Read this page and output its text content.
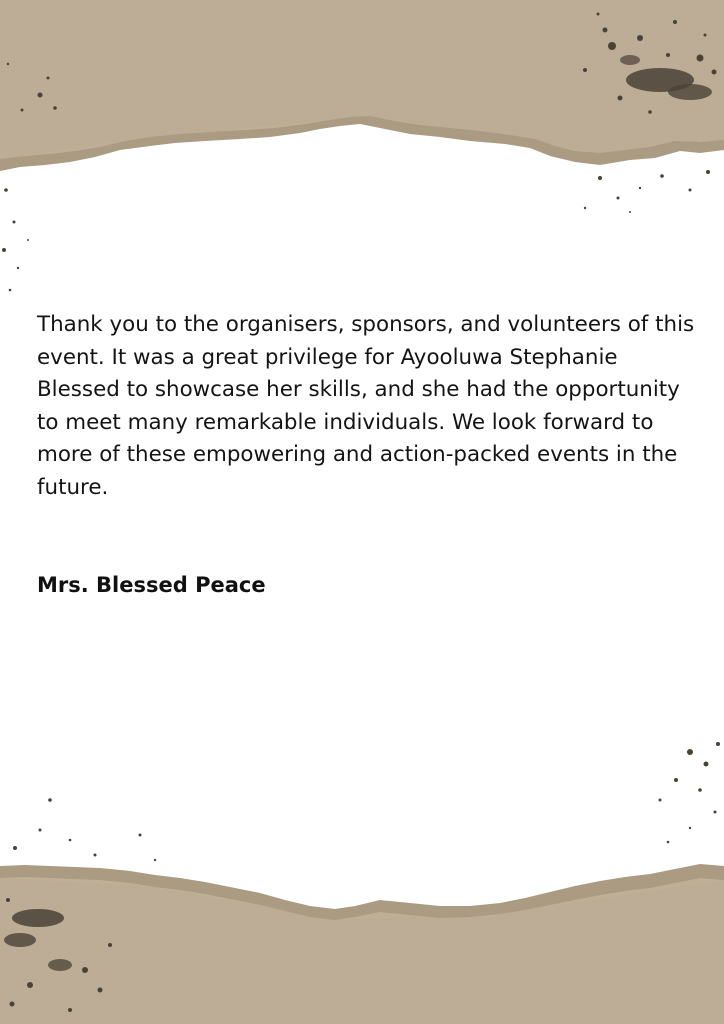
Thank you to the organisers, sponsors, and volunteers of this event. It was a great privilege for Ayooluwa Stephanie Blessed to showcase her skills, and she had the opportunity to meet many remarkable individuals. We look forward to more of these empowering and action-packed events in the future.

Mrs. Blessed Peace
